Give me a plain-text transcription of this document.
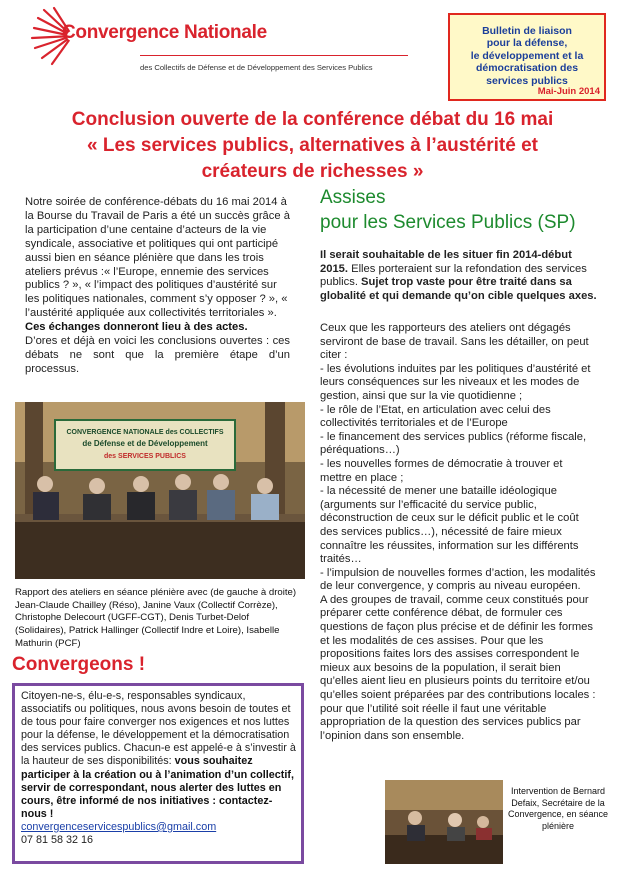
Convergence Nationale
des Collectifs de Défense et de Développement des Services Publics
Bulletin de liaison
pour la défense,
le développement et la
démocratisation des
services publics
Mai-Juin 2014
Conclusion ouverte de la conférence débat du 16 mai
« Les services publics, alternatives à l’austérité et
créateurs de richesses »
Notre soirée de conférence-débats du 16 mai 2014 à la Bourse du Travail de Paris a été un succès grâce à la participation d’une centaine d’acteurs de la vie syndicale, associative et politiques qui ont participé aussi bien en séance plénière que dans les trois ateliers prévus :« l’Europe, ennemie des services publics ? », « l’impact des politiques d’austérité sur les politiques nationales, comment s’y opposer ? », « l’austérité appliquée aux collectivités territoriales ».
Ces échanges donneront lieu à des actes.

D’ores et déjà en voici les conclusions ouvertes : ces débats ne sont que la première étape d’un processus.
CONVERGENCE NATIONALE des COLLECTIFS
de Défense et de Développement
des SERVICES PUBLICS
Rapport des ateliers en séance plénière avec (de gauche à droite) Jean-Claude Chailley (Réso), Janine Vaux (Collectif Corrèze), Christophe Delecourt (UGFF-CGT), Denis Turbet-Delof (Solidaires), Patrick Hallinger (Collectif Indre et Loire), Isabelle Mathurin (PCF)
Convergeons !
Citoyen-ne-s, élu-e-s, responsables syndicaux, associatifs ou politiques, nous avons besoin de toutes et de tous pour faire converger nos exigences et nos luttes pour la défense, le développement et la démocratisation des services publics. Chacun-e est appelé-e à s’investir à la hauteur de ses disponibilités: vous souhaitez participer à la création ou à l’animation d’un collectif, servir de correspondant, nous alerter des luttes en cours, être informé de nos initiatives : contactez-nous !
convergenceservicespublics@gmail.com
07 81 58 32 16
Assises
pour les Services Publics (SP)
Il serait souhaitable de les situer fin 2014-début 2015. Elles porteraient sur la refondation des services publics. Sujet trop vaste pour être traité dans sa globalité et qui demande qu’on cible quelques axes.
Ceux que les rapporteurs des ateliers ont dégagés serviront de base de travail. Sans les détailler, on peut citer :
- les évolutions induites par les politiques d’austérité et leurs conséquences sur les niveaux et les modes de gestion, ainsi que sur la vie quotidienne ;
- le rôle de l’Etat, en articulation avec celui des collectivités territoriales et de l’Europe
- le financement des services publics (réforme fiscale, péréquations…)
- les nouvelles formes de démocratie à trouver et mettre en place ;
- la nécessité de mener une bataille idéologique (arguments sur l’efficacité du service public, déconstruction de ceux sur le déficit public et le coût des services publics…), nécessité de faire mieux connaître les réussites, information sur les différents traités…
- l’impulsion de nouvelles formes d’action, les modalités de leur convergence, y compris au niveau européen.
A des groupes de travail, comme ceux constitués pour préparer cette conférence débat, de formuler ces questions de façon plus précise et de définir les formes et les modalités de ces assises. Pour que les propositions faites lors des assises correspondent le mieux aux besoins de la population, il serait bien qu’elles aient lieu en plusieurs points du territoire et/ou qu’elles soient préparées par des contributions locales : pour que l’utilité soit réelle il faut une véritable appropriation de la question des services publics par l’opinion dans son ensemble.
Intervention de Bernard Defaix, Secrétaire de la Convergence, en séance plénière
